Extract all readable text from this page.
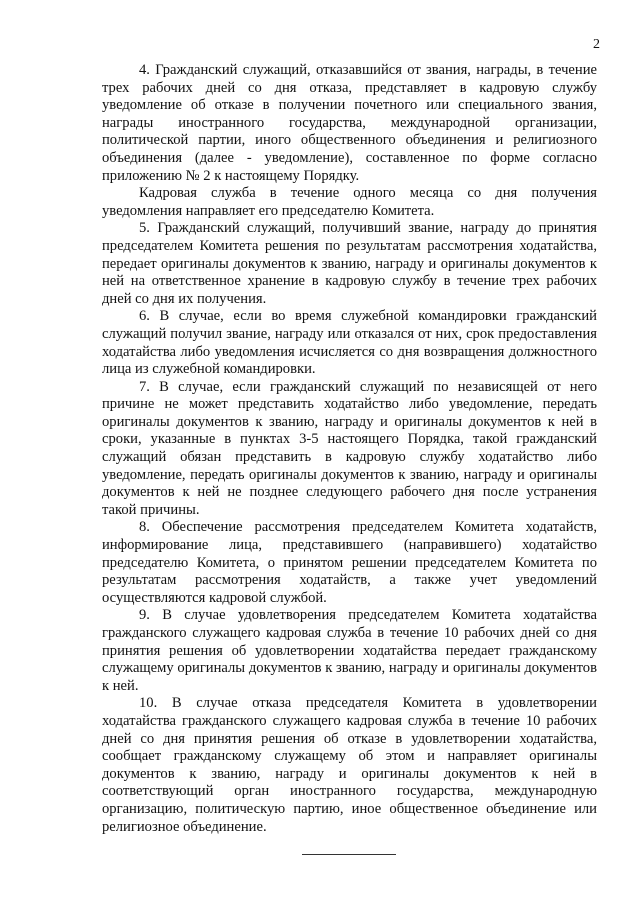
2

4. Гражданский служащий, отказавшийся от звания, награды, в течение трех рабочих дней со дня отказа, представляет в кадровую службу уведомление об отказе в получении почетного или специального звания, награды иностранного государства, международной организации, политической партии, иного общественного объединения и религиозного объединения (далее - уведомление), составленное по форме согласно приложению № 2 к настоящему Порядку.

Кадровая служба в течение одного месяца со дня получения уведомления направляет его председателю Комитета.

5. Гражданский служащий, получивший звание, награду до принятия председателем Комитета решения по результатам рассмотрения ходатайства, передает оригиналы документов к званию, награду и оригиналы документов к ней на ответственное хранение в кадровую службу в течение трех рабочих дней со дня их получения.

6. В случае, если во время служебной командировки гражданский служащий получил звание, награду или отказался от них, срок предоставления ходатайства либо уведомления исчисляется со дня возвращения должностного лица из служебной командировки.

7. В случае, если гражданский служащий по независящей от него причине не может представить ходатайство либо уведомление, передать оригиналы документов к званию, награду и оригиналы документов к ней в сроки, указанные в пунктах 3-5 настоящего Порядка, такой гражданский служащий обязан представить в кадровую службу ходатайство либо уведомление, передать оригиналы документов к званию, награду и оригиналы документов к ней не позднее следующего рабочего дня после устранения такой причины.

8. Обеспечение рассмотрения председателем Комитета ходатайств, информирование лица, представившего (направившего) ходатайство председателю Комитета, о принятом решении председателем Комитета по результатам рассмотрения ходатайств, а также учет уведомлений осуществляются кадровой службой.

9. В случае удовлетворения председателем Комитета ходатайства гражданского служащего кадровая служба в течение 10 рабочих дней со дня принятия решения об удовлетворении ходатайства передает гражданскому служащему оригиналы документов к званию, награду и оригиналы документов к ней.

10. В случае отказа председателя Комитета в удовлетворении ходатайства гражданского служащего кадровая служба в течение 10 рабочих дней со дня принятия решения об отказе в удовлетворении ходатайства, сообщает гражданскому служащему об этом и направляет оригиналы документов к званию, награду и оригиналы документов к ней в соответствующий орган иностранного государства, международную организацию, политическую партию, иное общественное объединение или религиозное объединение.
